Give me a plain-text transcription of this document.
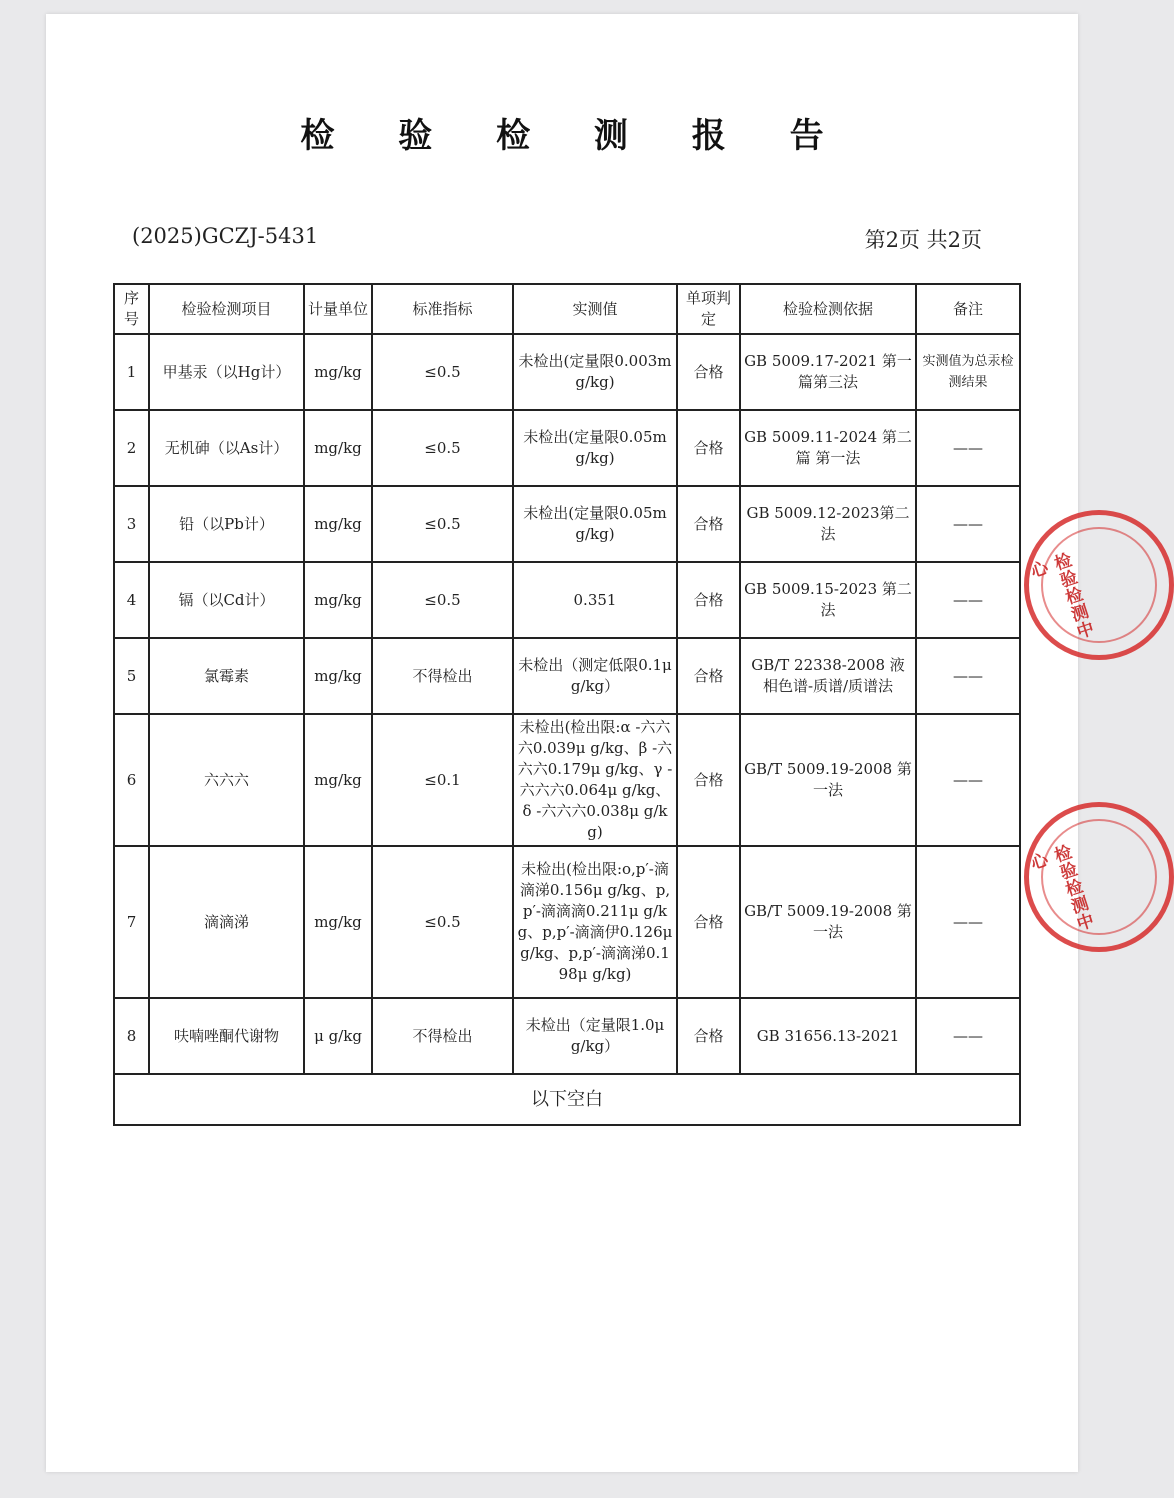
检 验 检 测 报 告
(2025)GCZJ-5431	第2页 共2页
检验检测中心
检验检测中心
序号	检验检测项目	计量单位	标准指标	实测值	单项判定	检验检测依据	备注
1	甲基汞（以Hg计）	mg/kg	≤0.5	未检出(定量限0.003mg/kg)	合格	GB 5009.17-2021 第一篇第三法	实测值为总汞检测结果
2	无机砷（以As计）	mg/kg	≤0.5	未检出(定量限0.05mg/kg)	合格	GB 5009.11-2024 第二篇 第一法	——
3	铅（以Pb计）	mg/kg	≤0.5	未检出(定量限0.05mg/kg)	合格	GB 5009.12-2023第二法	——
4	镉（以Cd计）	mg/kg	≤0.5	0.351	合格	GB 5009.15-2023 第二法	——
5	氯霉素	mg/kg	不得检出	未检出（测定低限0.1μ g/kg）	合格	GB/T 22338-2008 液相色谱-质谱/质谱法	——
6	六六六	mg/kg	≤0.1	未检出(检出限:α -六六六0.039μ g/kg、β -六六六0.179μ g/kg、γ -六六六0.064μ g/kg、δ -六六六0.038μ g/kg)	合格	GB/T 5009.19-2008 第一法	——
7	滴滴涕	mg/kg	≤0.5	未检出(检出限:o,p′-滴滴涕0.156μ g/kg、p,p′-滴滴滴0.211μ g/kg、p,p′-滴滴伊0.126μ g/kg、p,p′-滴滴涕0.198μ g/kg)	合格	GB/T 5009.19-2008 第一法	——
8	呋喃唑酮代谢物	μ g/kg	不得检出	未检出（定量限1.0μ g/kg）	合格	GB 31656.13-2021	——
以下空白							
